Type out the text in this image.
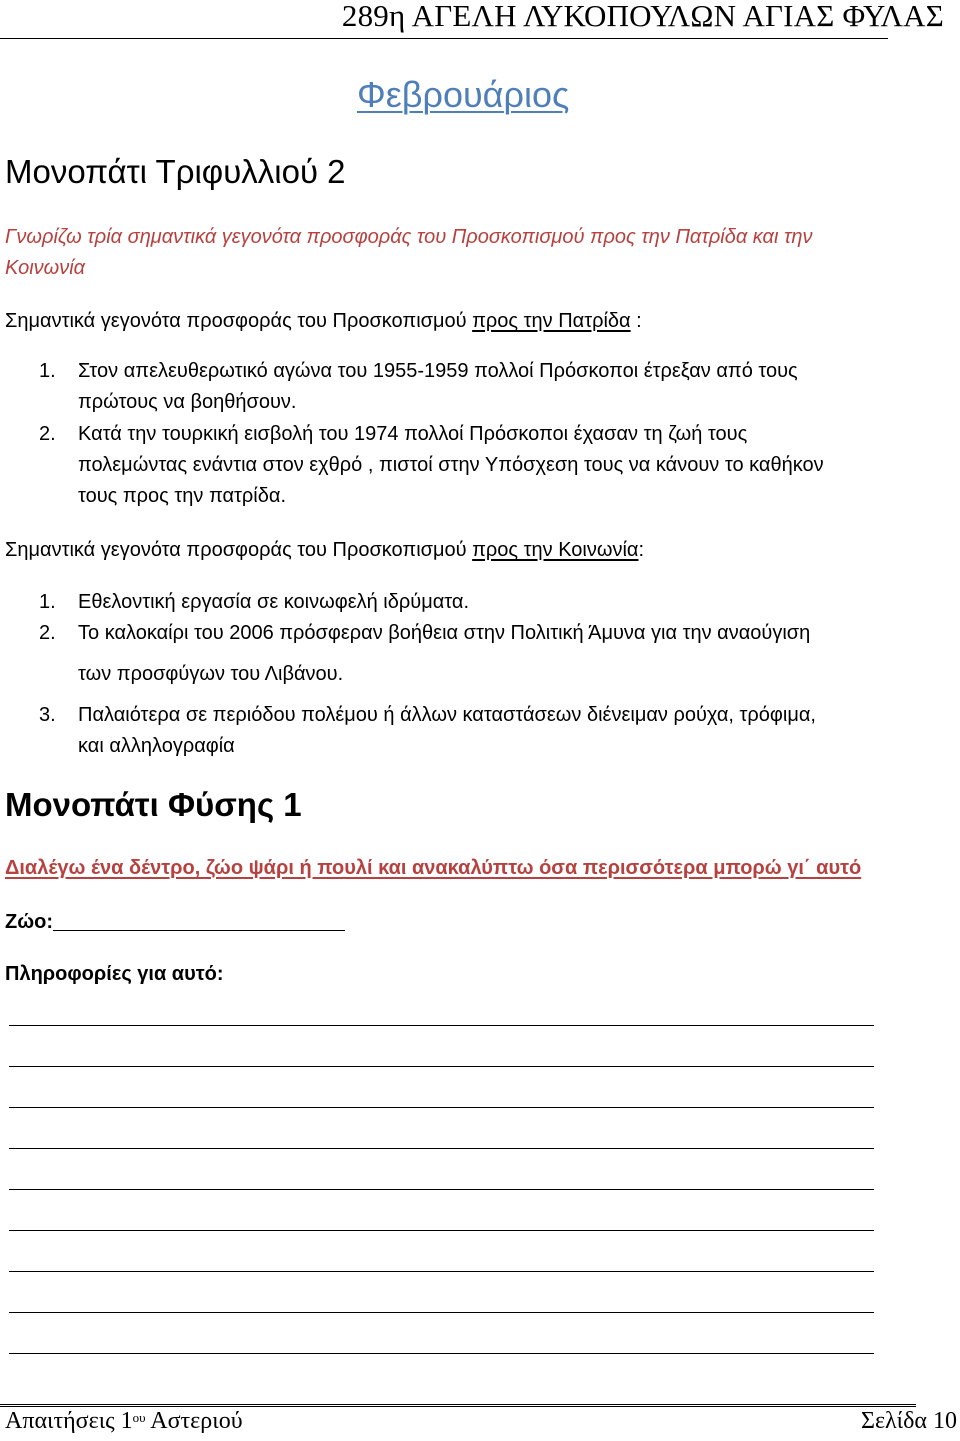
289η ΑΓΕΛΗ ΛΥΚΟΠΟΥΛΩΝ ΑΓΙΑΣ ΦΥΛΑΣ
Φεβρουάριος
Μονοπάτι Τριφυλλιού 2
Γνωρίζω τρία σημαντικά γεγονότα προσφοράς του Προσκοπισμού προς την Πατρίδα και την
Κοινωνία
Σημαντικά γεγονότα προσφοράς του Προσκοπισμού προς την Πατρίδα :
1. Στον απελευθερωτικό αγώνα του 1955-1959 πολλοί Πρόσκοποι έτρεξαν από τους
πρώτους να βοηθήσουν.
2. Κατά την τουρκική εισβολή του 1974 πολλοί Πρόσκοποι έχασαν τη ζωή τους
πολεμώντας ενάντια στον εχθρό , πιστοί στην Υπόσχεση τους να κάνουν το καθήκον
τους προς την πατρίδα.
Σημαντικά γεγονότα προσφοράς του Προσκοπισμού προς την Κοινωνία:
1. Εθελοντική εργασία σε κοινωφελή ιδρύματα.
2. Το καλοκαίρι του 2006 πρόσφεραν βοήθεια στην Πολιτική Άμυνα για την αναούγιση
των προσφύγων του Λιβάνου.
3. Παλαιότερα σε περιόδου πολέμου ή άλλων καταστάσεων διένειμαν ρούχα, τρόφιμα,
και αλληλογραφία
Μονοπάτι Φύσης 1
Διαλέγω ένα δέντρο, ζώο ψάρι ή πουλί και ανακαλύπτω όσα περισσότερα μπορώ γι΄ αυτό
Ζώο:
Πληροφορίες για αυτό:
Απαιτήσεις $1^{o\upsilon}$ Αστεριού	Σελίδα 10
